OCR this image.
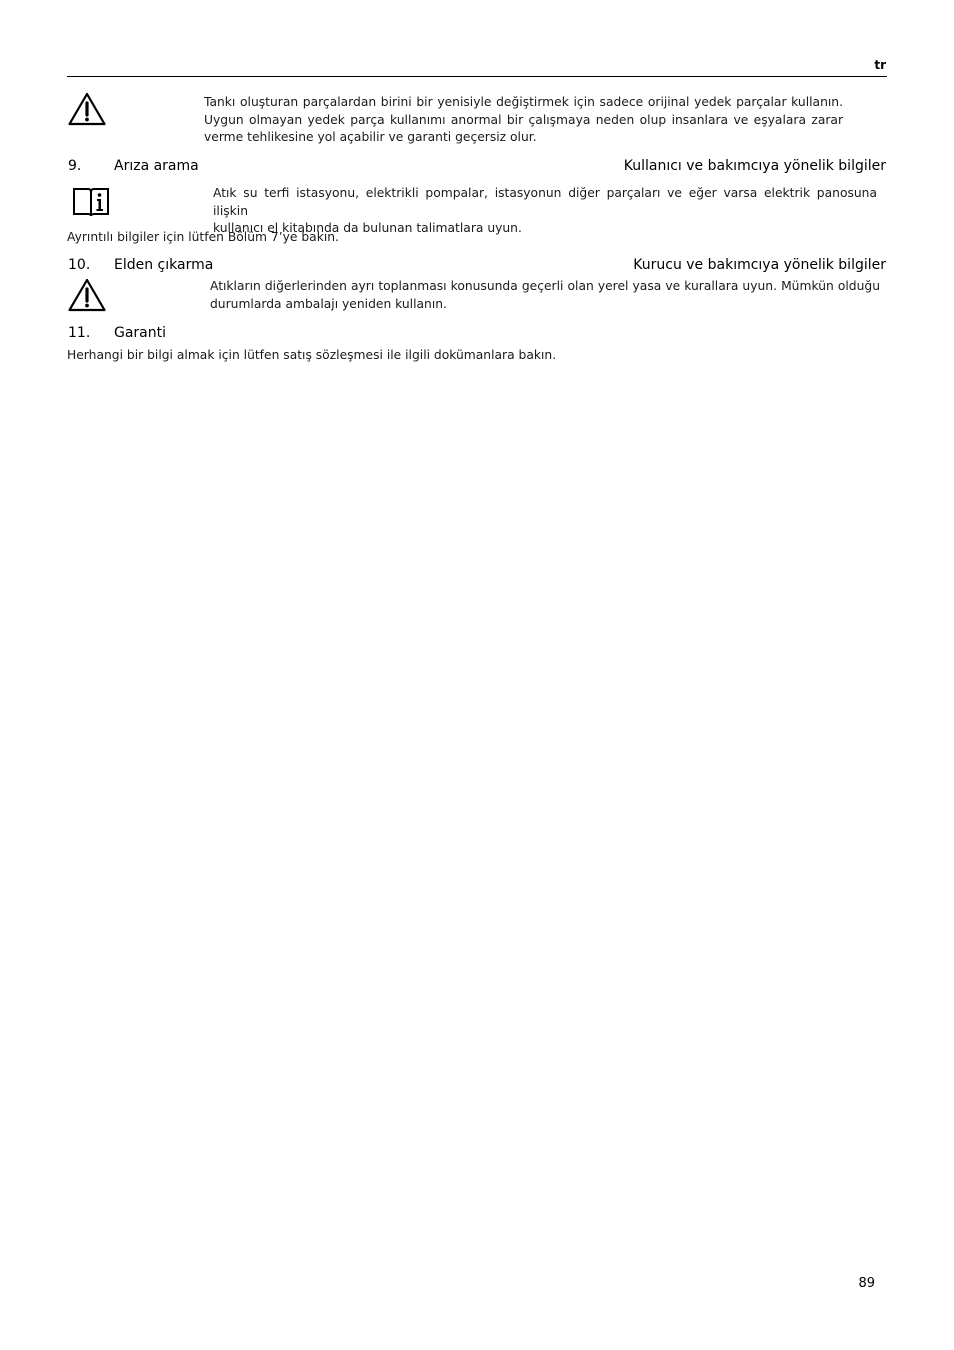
tr
Tankı oluşturan parçalardan birini bir yenisiyle değiştirmek için sadece orijinal yedek parçalar kullanın.
Uygun olmayan yedek parça kullanımı anormal bir çalışmaya neden olup insanlara ve eşyalara zarar
verme tehlikesine yol açabilir ve garanti geçersiz olur.
9. Arıza arama	Kullanıcı ve bakımcıya yönelik bilgiler
Atık su terfi istasyonu, elektrikli pompalar, istasyonun diğer parçaları ve eğer varsa elektrik panosuna ilişkin
kullanıcı el kitabında da bulunan talimatlara uyun.
Ayrıntılı bilgiler için lütfen Bölüm 7’ye bakın.
10. Elden çıkarma	Kurucu ve bakımcıya yönelik bilgiler
Atıkların diğerlerinden ayrı toplanması konusunda geçerli olan yerel yasa ve kurallara uyun. Mümkün olduğu
durumlarda ambalajı yeniden kullanın.
11. Garanti
Herhangi bir bilgi almak için lütfen satış sözleşmesi ile ilgili dokümanlara bakın.
89
